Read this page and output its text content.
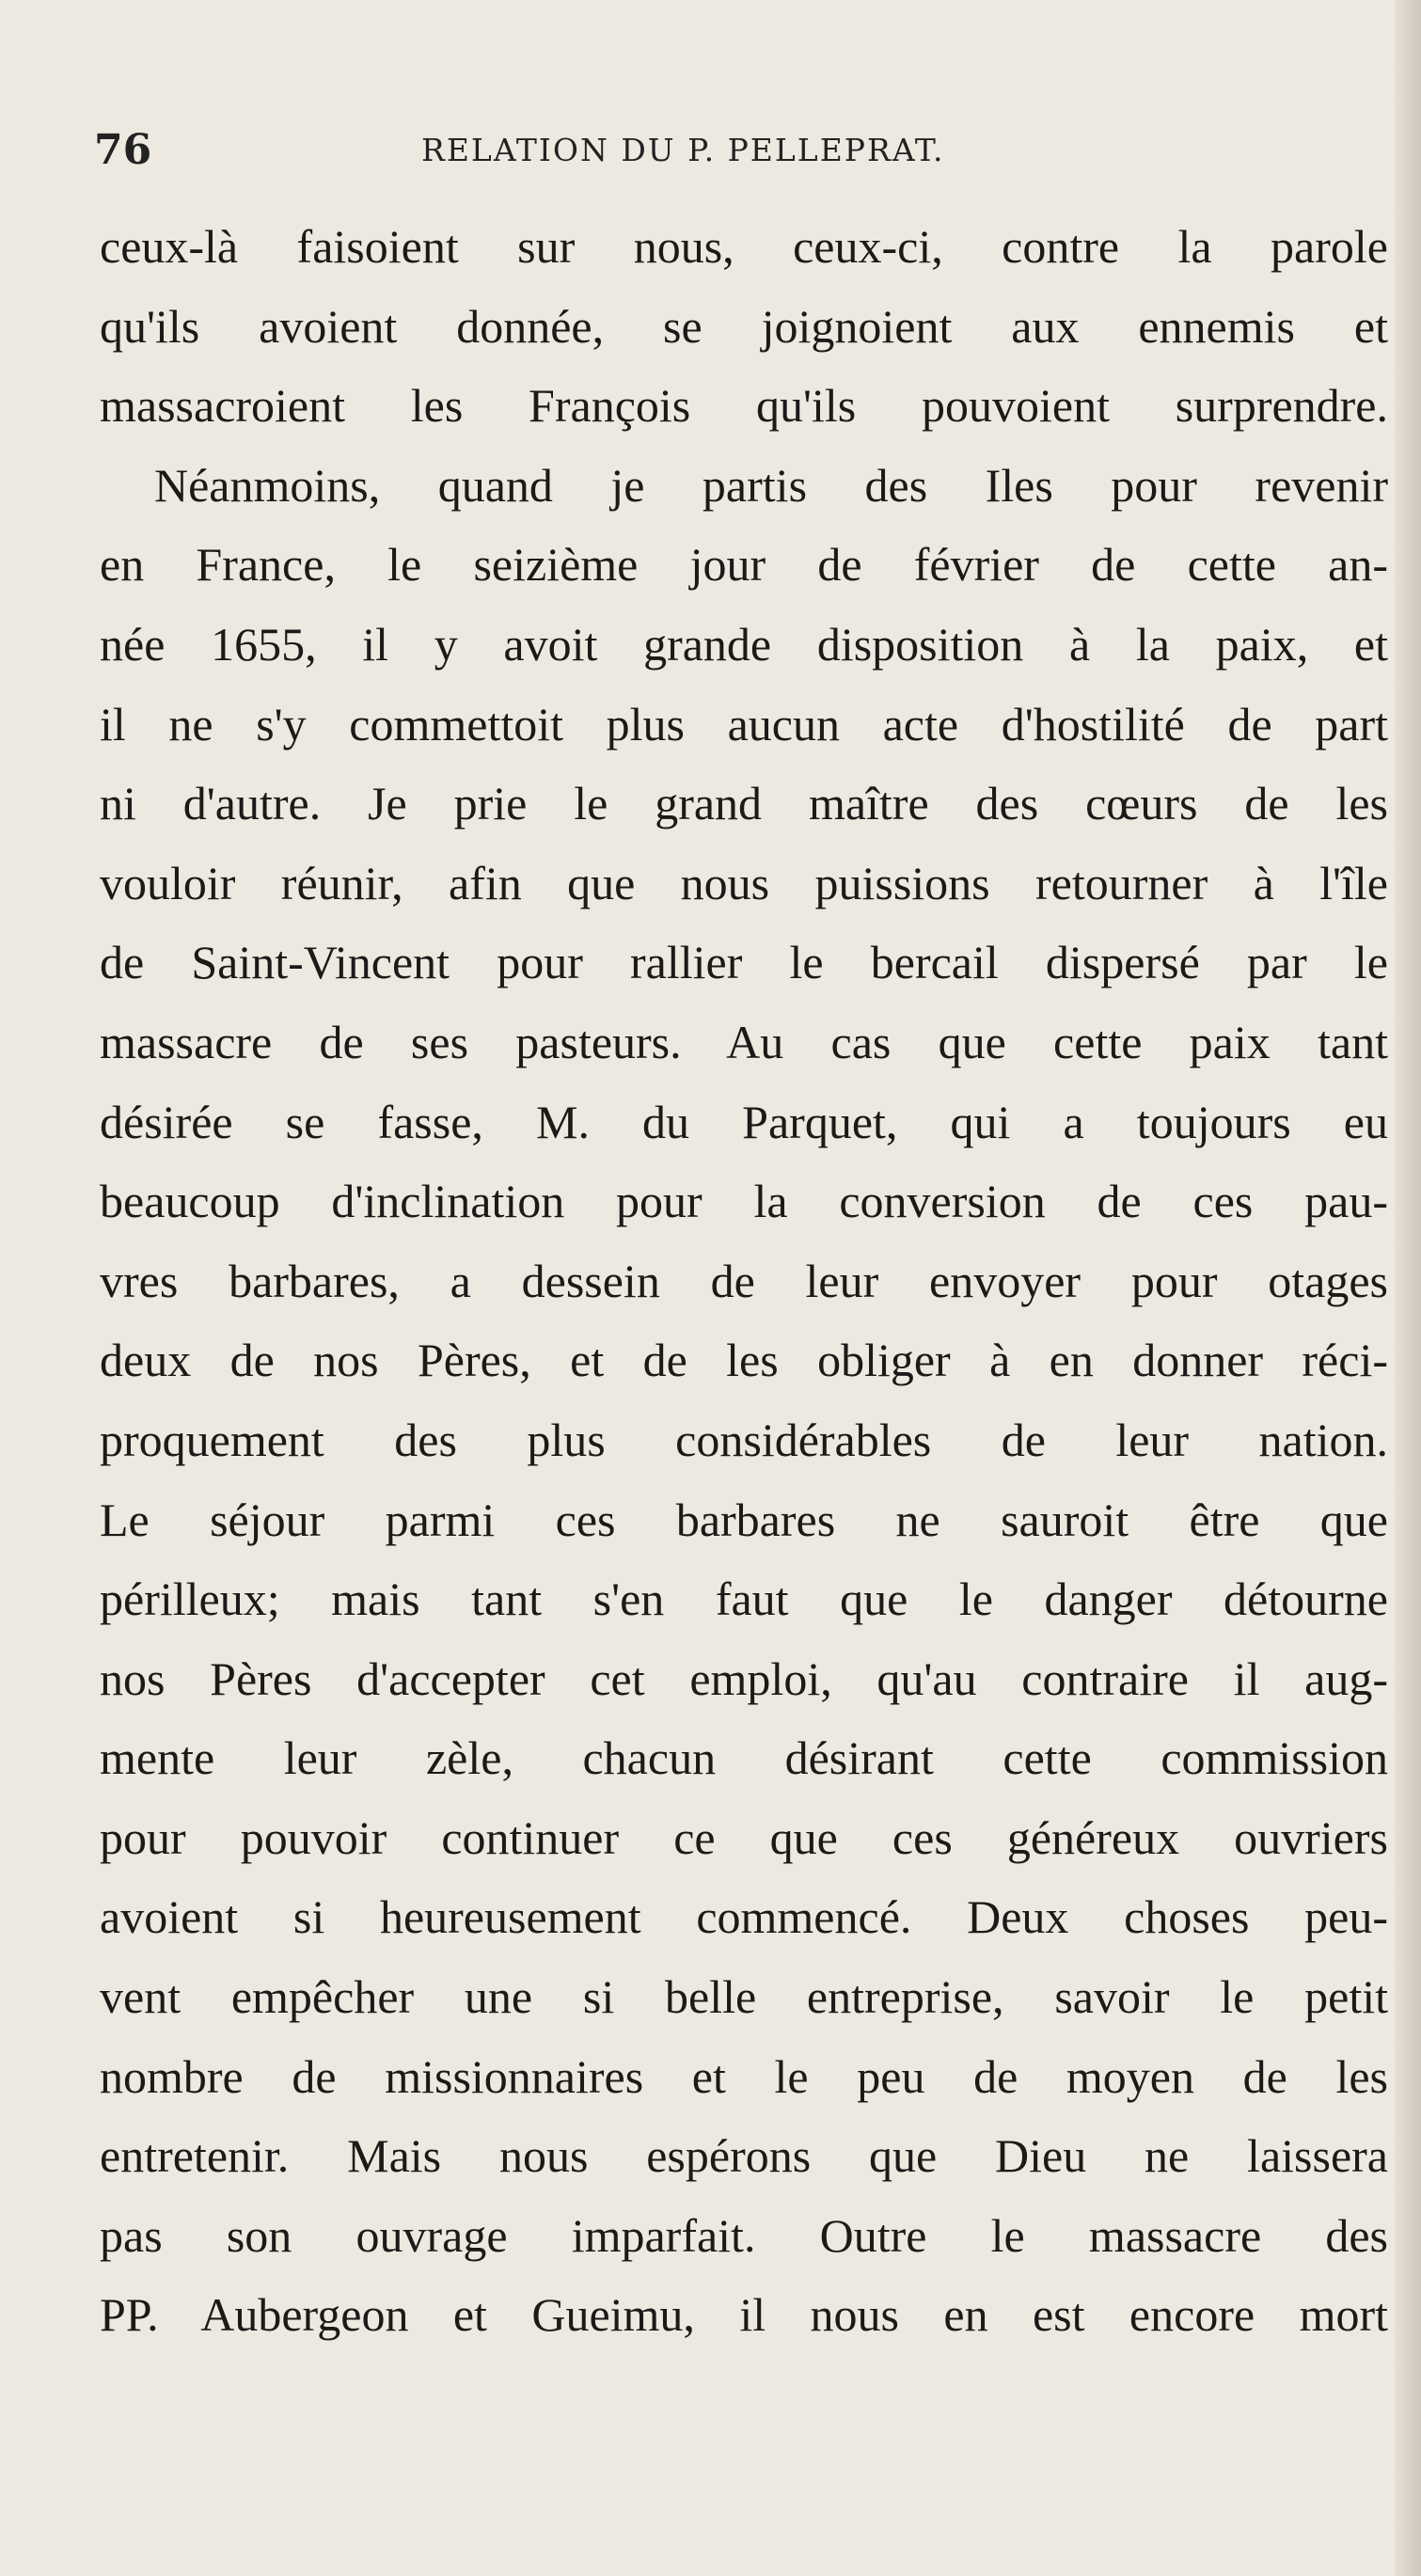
76	RELATION DU P. PELLEPRAT.
ceux-là faisoient sur nous, ceux-ci, contre la parole
qu'ils avoient donnée, se joignoient aux ennemis et
massacroient les François qu'ils pouvoient surprendre.
Néanmoins, quand je partis des Iles pour revenir
en France, le seizième jour de février de cette an-
née 1655, il y avoit grande disposition à la paix, et
il ne s'y commettoit plus aucun acte d'hostilité de part
ni d'autre. Je prie le grand maître des cœurs de les
vouloir réunir, afin que nous puissions retourner à l'île
de Saint-Vincent pour rallier le bercail dispersé par le
massacre de ses pasteurs. Au cas que cette paix tant
désirée se fasse, M. du Parquet, qui a toujours eu
beaucoup d'inclination pour la conversion de ces pau-
vres barbares, a dessein de leur envoyer pour otages
deux de nos Pères, et de les obliger à en donner réci-
proquement des plus considérables de leur nation.
Le séjour parmi ces barbares ne sauroit être que
périlleux; mais tant s'en faut que le danger détourne
nos Pères d'accepter cet emploi, qu'au contraire il aug-
mente leur zèle, chacun désirant cette commission
pour pouvoir continuer ce que ces généreux ouvriers
avoient si heureusement commencé. Deux choses peu-
vent empêcher une si belle entreprise, savoir le petit
nombre de missionnaires et le peu de moyen de les
entretenir. Mais nous espérons que Dieu ne laissera
pas son ouvrage imparfait. Outre le massacre des
PP. Aubergeon et Gueimu, il nous en est encore mort
